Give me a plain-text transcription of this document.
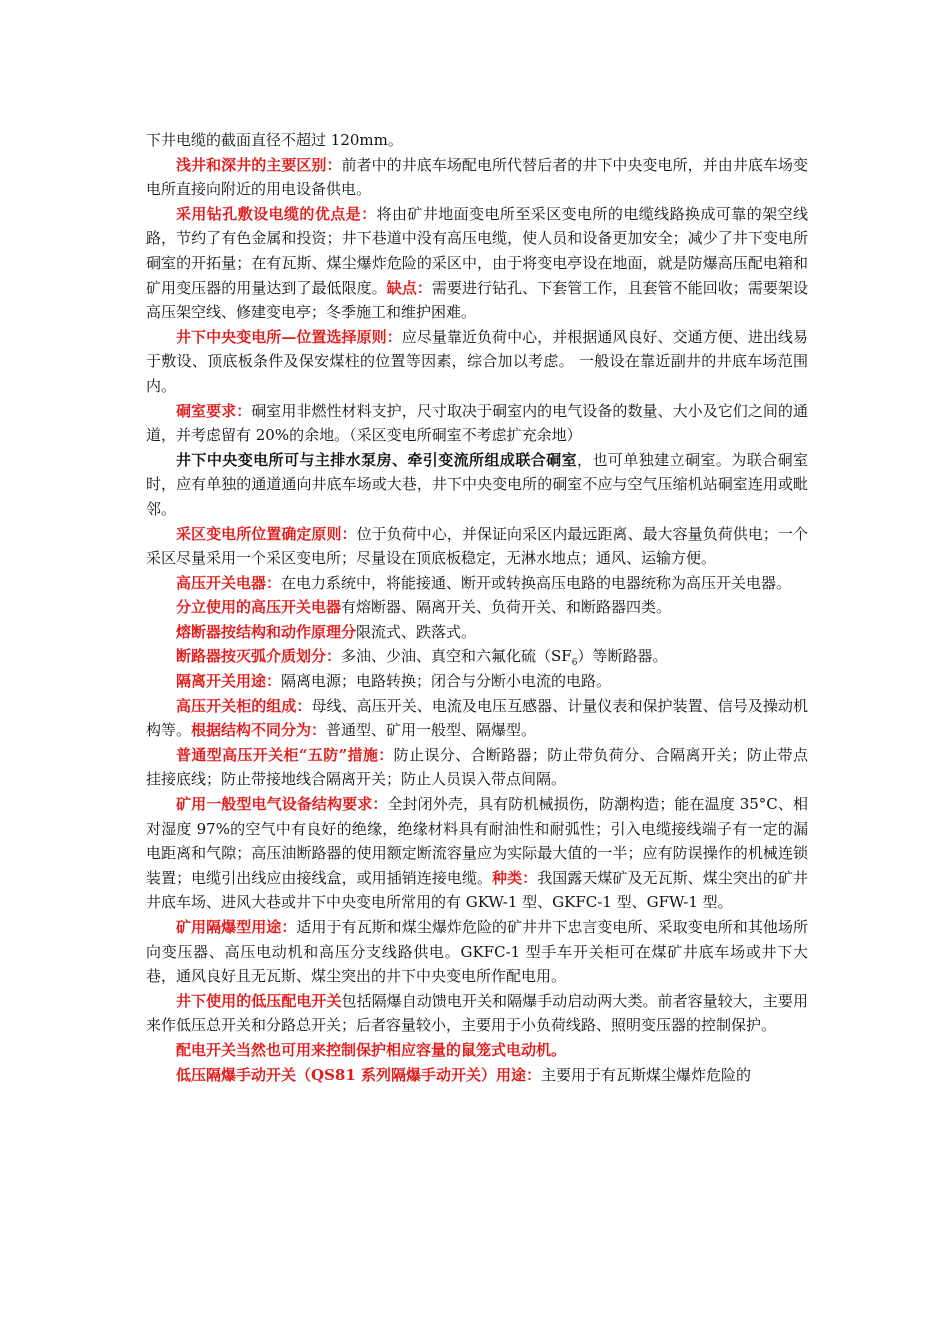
下井电缆的截面直径不超过 120mm。

浅井和深井的主要区别：前者中的井底车场配电所代替后者的井下中央变电所，并由井底车场变电所直接向附近的用电设备供电。

采用钻孔敷设电缆的优点是：将由矿井地面变电所至采区变电所的电缆线路换成可靠的架空线路，节约了有色金属和投资；井下巷道中没有高压电缆，使人员和设备更加安全；减少了井下变电所硐室的开拓量；在有瓦斯、煤尘爆炸危险的采区中，由于将变电亭设在地面，就是防爆高压配电箱和矿用变压器的用量达到了最低限度。缺点：需要进行钻孔、下套管工作，且套管不能回收；需要架设高压架空线、修建变电亭；冬季施工和维护困难。

井下中央变电所—位置选择原则：应尽量靠近负荷中心，并根据通风良好、交通方便、进出线易于敷设、顶底板条件及保安煤柱的位置等因素，综合加以考虑。 一般设在靠近副井的井底车场范围内。

硐室要求：硐室用非燃性材料支护，尺寸取决于硐室内的电气设备的数量、大小及它们之间的通道，并考虑留有 20%的余地。（采区变电所硐室不考虑扩充余地）

井下中央变电所可与主排水泵房、牵引变流所组成联合硐室，也可单独建立硐室。为联合硐室时，应有单独的通道通向井底车场或大巷，井下中央变电所的硐室不应与空气压缩机站硐室连用或毗邻。

采区变电所位置确定原则：位于负荷中心，并保证向采区内最远距离、最大容量负荷供电；一个采区尽量采用一个采区变电所；尽量设在顶底板稳定，无淋水地点；通风、运输方便。

高压开关电器：在电力系统中，将能接通、断开或转换高压电路的电器统称为高压开关电器。

分立使用的高压开关电器有熔断器、隔离开关、负荷开关、和断路器四类。

熔断器按结构和动作原理分限流式、跌落式。

断路器按灭弧介质划分：多油、少油、真空和六氟化硫$(SF_6)$等断路器。

隔离开关用途：隔离电源；电路转换；闭合与分断小电流的电路。

高压开关柜的组成：母线、高压开关、电流及电压互感器、计量仪表和保护装置、信号及操动机构等。根据结构不同分为：普通型、矿用一般型、隔爆型。

普通型高压开关柜“五防”措施：防止误分、合断路器；防止带负荷分、合隔离开关；防止带点挂接底线；防止带接地线合隔离开关；防止人员误入带点间隔。

矿用一般型电气设备结构要求：全封闭外壳，具有防机械损伤，防潮构造；能在温度 35°C、相对湿度 97%的空气中有良好的绝缘，绝缘材料具有耐油性和耐弧性；引入电缆接线端子有一定的漏电距离和气隙；高压油断路器的使用额定断流容量应为实际最大值的一半；应有防误操作的机械连锁装置；电缆引出线应由接线盒，或用插销连接电缆。种类：我国露天煤矿及无瓦斯、煤尘突出的矿井井底车场、进风大巷或井下中央变电所常用的有 GKW-1 型、GKFC-1 型、GFW-1 型。

矿用隔爆型用途：适用于有瓦斯和煤尘爆炸危险的矿井井下忠言变电所、采取变电所和其他场所向变压器、高压电动机和高压分支线路供电。GKFC-1 型手车开关柜可在煤矿井底车场或井下大巷，通风良好且无瓦斯、煤尘突出的井下中央变电所作配电用。

井下使用的低压配电开关包括隔爆自动馈电开关和隔爆手动启动两大类。前者容量较大，主要用来作低压总开关和分路总开关；后者容量较小，主要用于小负荷线路、照明变压器的控制保护。

配电开关当然也可用来控制保护相应容量的鼠笼式电动机。

低压隔爆手动开关（QS81 系列隔爆手动开关）用途：主要用于有瓦斯煤尘爆炸危险的
